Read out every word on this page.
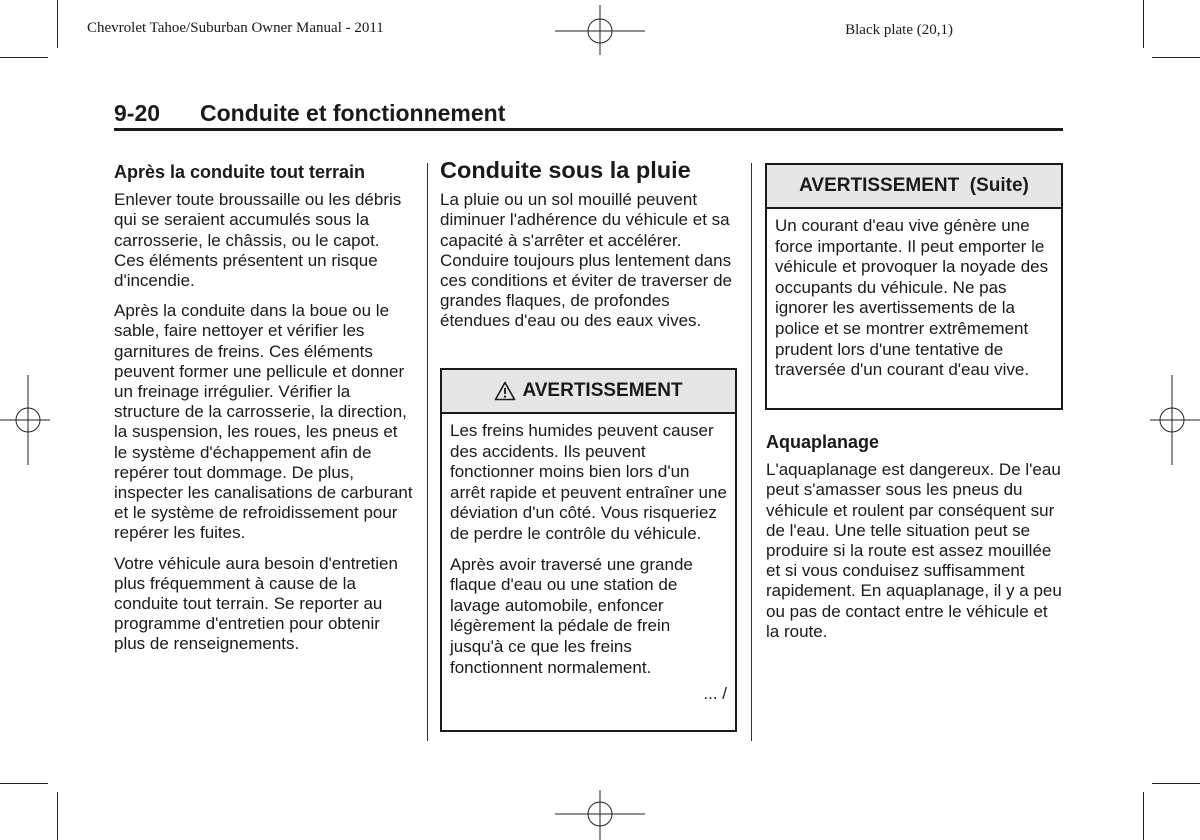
Chevrolet Tahoe/Suburban Owner Manual - 2011	Black plate (20,1)
9-20 Conduite et fonctionnement
Après la conduite tout terrain

Enlever toute broussaille ou les débris qui se seraient accumulés sous la carrosserie, le châssis, ou le capot. Ces éléments présentent un risque d'incendie.

Après la conduite dans la boue ou le sable, faire nettoyer et vérifier les garnitures de freins. Ces éléments peuvent former une pellicule et donner un freinage irrégulier. Vérifier la structure de la carrosserie, la direction, la suspension, les roues, les pneus et le système d'échappement afin de repérer tout dommage. De plus, inspecter les canalisations de carburant et le système de refroidissement pour repérer les fuites.

Votre véhicule aura besoin d'entretien plus fréquemment à cause de la conduite tout terrain. Se reporter au programme d'entretien pour obtenir plus de renseignements.

Conduite sous la pluie

La pluie ou un sol mouillé peuvent diminuer l'adhérence du véhicule et sa capacité à s'arrêter et accélérer. Conduire toujours plus lentement dans ces conditions et éviter de traverser de grandes flaques, de profondes étendues d'eau ou des eaux vives.

AVERTISSEMENT

Les freins humides peuvent causer des accidents. Ils peuvent fonctionner moins bien lors d'un arrêt rapide et peuvent entraîner une déviation d'un côté. Vous risqueriez de perdre le contrôle du véhicule.

Après avoir traversé une grande flaque d'eau ou une station de lavage automobile, enfoncer légèrement la pédale de frein jusqu'à ce que les freins fonctionnent normalement.

... /
AVERTISSEMENT  (Suite)

Un courant d'eau vive génère une force importante. Il peut emporter le véhicule et provoquer la noyade des occupants du véhicule. Ne pas ignorer les avertissements de la police et se montrer extrêmement prudent lors d'une tentative de traversée d'un courant d'eau vive.

Aquaplanage

L'aquaplanage est dangereux. De l'eau peut s'amasser sous les pneus du véhicule et roulent par conséquent sur de l'eau. Une telle situation peut se produire si la route est assez mouillée et si vous conduisez suffisamment rapidement. En aquaplanage, il y a peu ou pas de contact entre le véhicule et la route.
